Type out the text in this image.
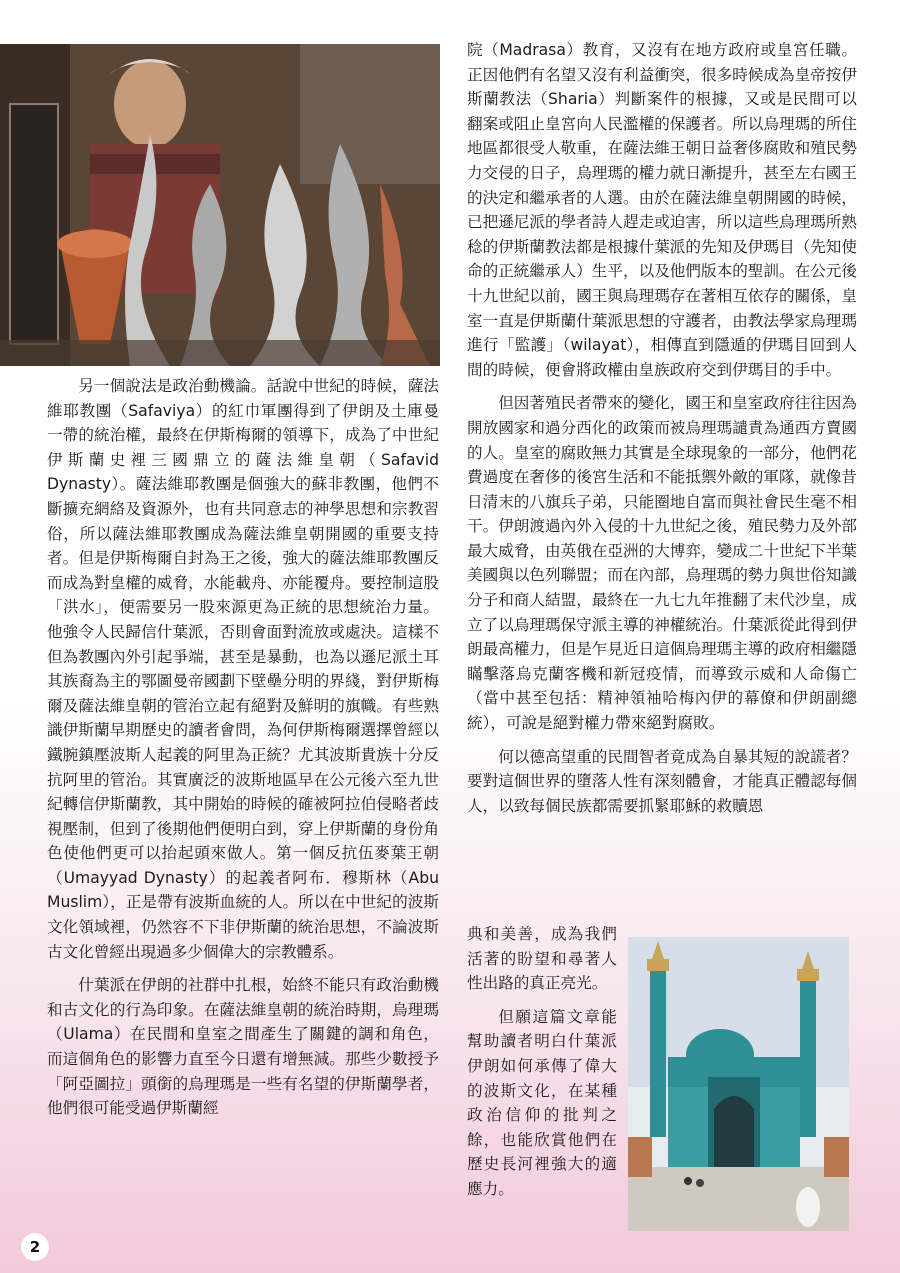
另一個說法是政治動機論。話說中世紀的時候，薩法維耶教團（Safaviya）的紅巾軍團得到了伊朗及土庫曼一帶的統治權，最終在伊斯梅爾的領導下，成為了中世紀伊斯蘭史裡三國鼎立的薩法維皇朝（Safavid Dynasty）。薩法維耶教團是個強大的蘇非教團，他們不斷擴充網絡及資源外，也有共同意志的神學思想和宗教習俗，所以薩法維耶教團成為薩法維皇朝開國的重要支持者。但是伊斯梅爾自封為王之後，強大的薩法維耶教團反而成為對皇權的威脅，水能載舟、亦能覆舟。要控制這股「洪水」，便需要另一股來源更為正統的思想統治力量。他強令人民歸信什葉派，否則會面對流放或處決。這樣不但為教團內外引起爭端，甚至是暴動，也為以遜尼派土耳其族裔為主的鄂圖曼帝國劃下壁壘分明的界綫，對伊斯梅爾及薩法維皇朝的管治立起有絕對及鮮明的旗幟。有些熟識伊斯蘭早期歷史的讀者會問，為何伊斯梅爾選擇曾經以鐵腕鎮壓波斯人起義的阿里為正統？尤其波斯貴族十分反抗阿里的管治。其實廣泛的波斯地區早在公元後六至九世紀轉信伊斯蘭教，其中開始的時候的確被阿拉伯侵略者歧視壓制，但到了後期他們便明白到，穿上伊斯蘭的身份角色使他們更可以抬起頭來做人。第一個反抗伍麥葉王朝（Umayyad Dynasty）的起義者阿布．穆斯林（Abu Muslim），正是帶有波斯血統的人。所以在中世紀的波斯文化領域裡，仍然容不下非伊斯蘭的統治思想，不論波斯古文化曾經出現過多少個偉大的宗教體系。

什葉派在伊朗的社群中扎根，始終不能只有政治動機和古文化的行為印象。在薩法維皇朝的統治時期，烏理瑪（Ulama）在民間和皇室之間產生了關鍵的調和角色，而這個角色的影響力直至今日還有增無減。那些少數授予「阿亞圖拉」頭銜的烏理瑪是一些有名望的伊斯蘭學者，他們很可能受過伊斯蘭經

院（Madrasa）教育，又沒有在地方政府或皇宮任職。正因他們有名望又沒有利益衝突，很多時候成為皇帝按伊斯蘭教法（Sharia）判斷案件的根據，又或是民間可以翻案或阻止皇宮向人民濫權的保護者。所以烏理瑪的所住地區都很受人敬重，在薩法維王朝日益奢侈腐敗和殖民勢力交侵的日子，烏理瑪的權力就日漸提升，甚至左右國王的決定和繼承者的人選。由於在薩法維皇朝開國的時候，已把遜尼派的學者詩人趕走或迫害，所以這些烏理瑪所熟稔的伊斯蘭教法都是根據什葉派的先知及伊瑪目（先知使命的正統繼承人）生平，以及他們版本的聖訓。在公元後十九世紀以前，國王與烏理瑪存在著相互依存的關係，皇室一直是伊斯蘭什葉派思想的守護者，由教法學家烏理瑪進行「監護」（wilayat），相傳直到隱遁的伊瑪目回到人間的時候，便會將政權由皇族政府交到伊瑪目的手中。

但因著殖民者帶來的變化，國王和皇室政府往往因為開放國家和過分西化的政策而被烏理瑪譴責為通西方賣國的人。皇室的腐敗無力其實是全球現象的一部分，他們花費過度在奢侈的後宮生活和不能抵禦外敵的軍隊，就像昔日清末的八旗兵子弟，只能圈地自富而與社會民生毫不相干。伊朗渡過內外入侵的十九世紀之後，殖民勢力及外部最大威脅，由英俄在亞洲的大博弈，變成二十世紀下半葉美國與以色列聯盟；而在內部，烏理瑪的勢力與世俗知識分子和商人結盟，最終在一九七九年推翻了末代沙皇，成立了以烏理瑪保守派主導的神權統治。什葉派從此得到伊朗最高權力，但是乍見近日這個烏理瑪主導的政府相繼隱瞞擊落烏克蘭客機和新冠疫情，而導致示威和人命傷亡（當中甚至包括：精神領袖哈梅內伊的幕僚和伊朗副總統），可說是絕對權力帶來絕對腐敗。

何以德高望重的民間智者竟成為自暴其短的說謊者？要對這個世界的墮落人性有深刻體會，才能真正體認每個人，以致每個民族都需要抓緊耶穌的救贖恩

典和美善，成為我們活著的盼望和尋著人性出路的真正亮光。

但願這篇文章能幫助讀者明白什葉派伊朗如何承傳了偉大的波斯文化，在某種政治信仰的批判之餘，也能欣賞他們在歷史長河裡強大的適應力。

2
